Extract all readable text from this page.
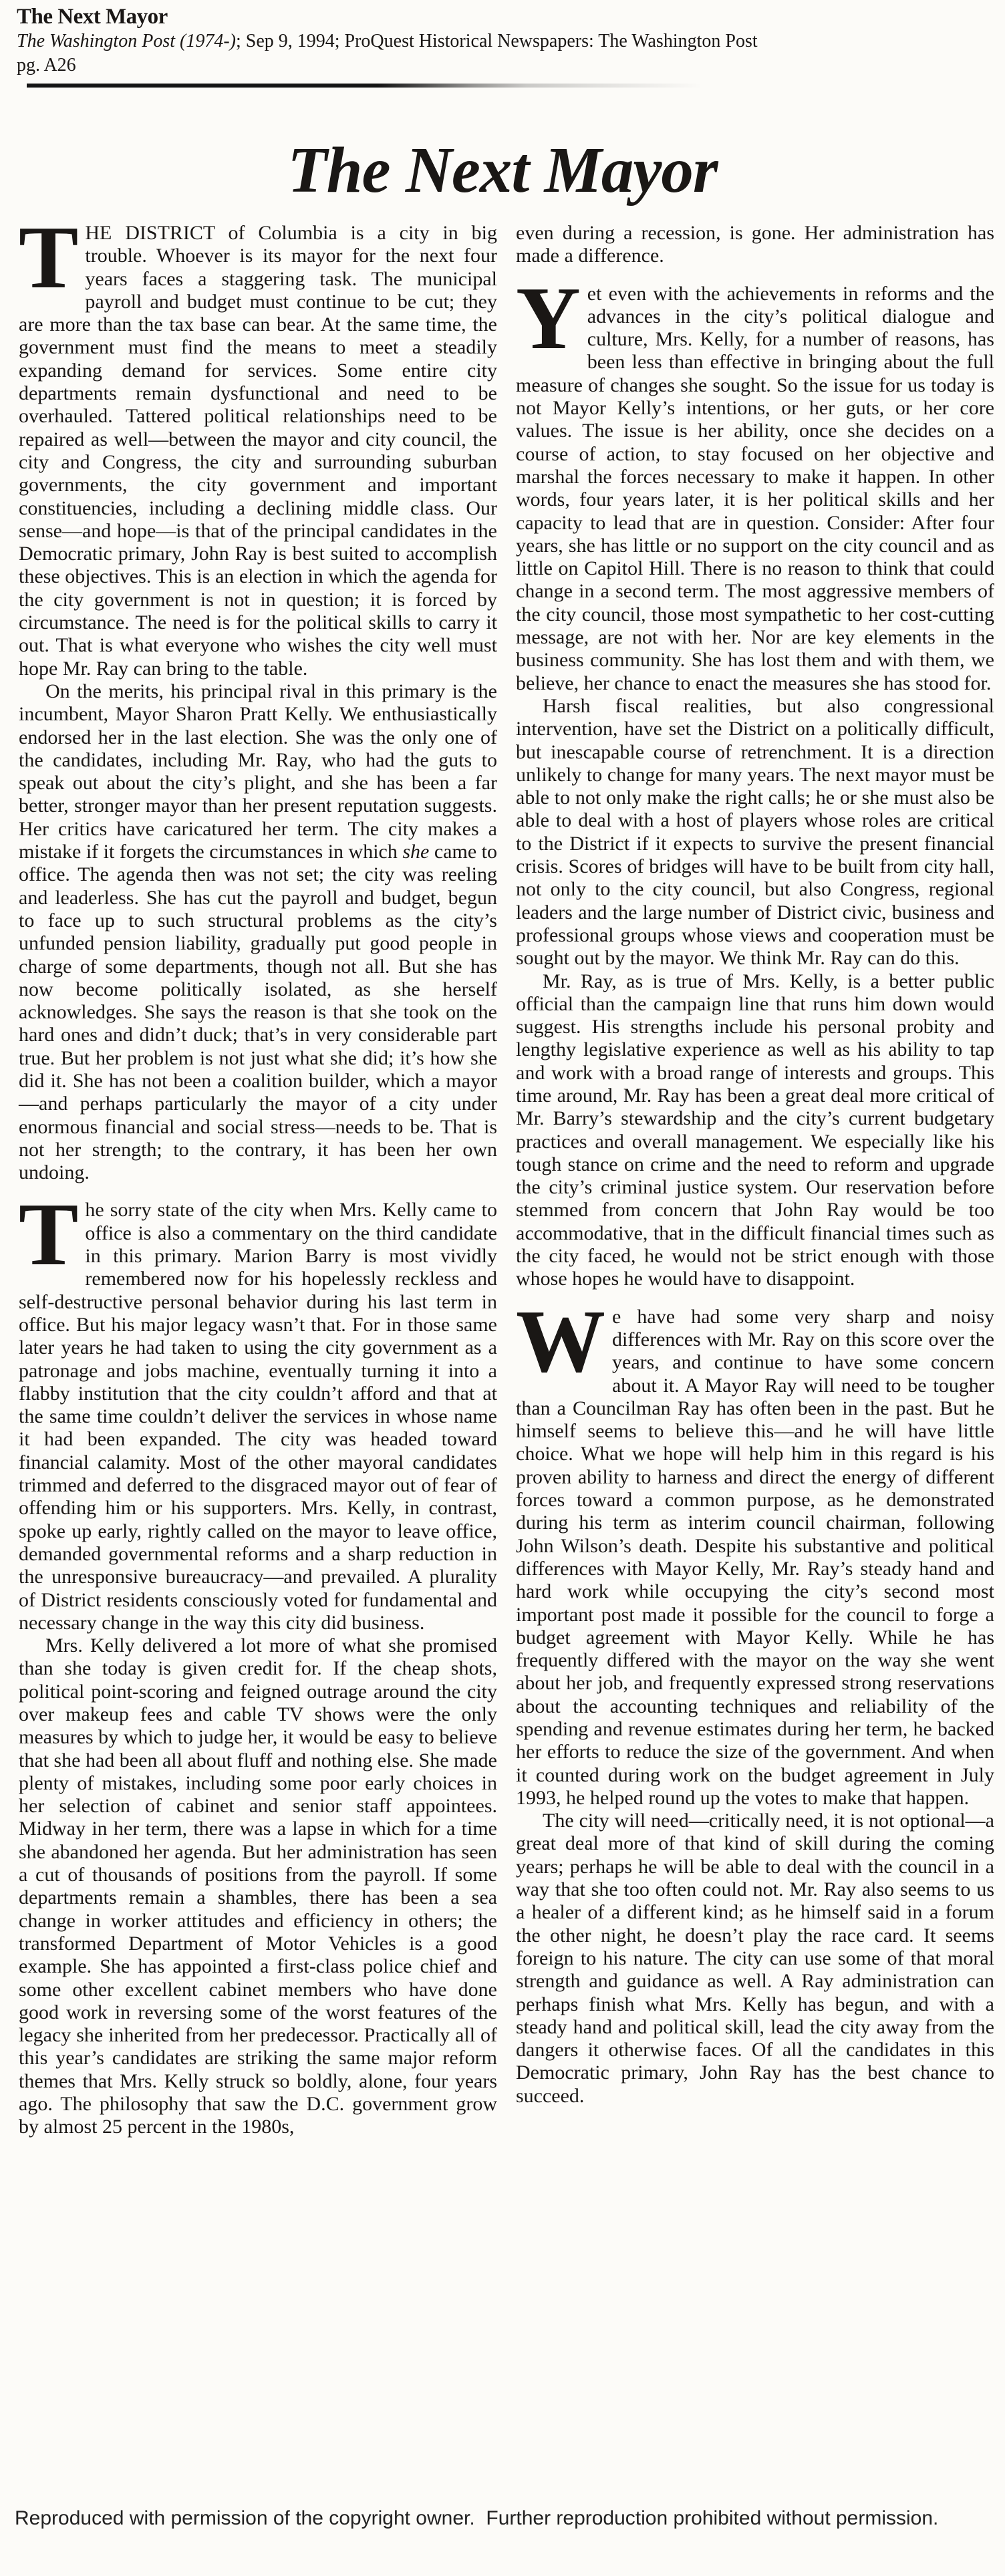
The Next Mayor
The Washington Post (1974-); Sep 9, 1994; ProQuest Historical Newspapers: The Washington Post
pg. A26
The Next Mayor

THE DISTRICT of Columbia is a city in big trouble. Whoever is its mayor for the next four years faces a staggering task. The municipal payroll and budget must continue to be cut; they are more than the tax base can bear. At the same time, the government must find the means to meet a steadily expanding demand for services. Some entire city departments remain dysfunctional and need to be overhauled. Tattered political relationships need to be repaired as well—between the mayor and city council, the city and Congress, the city and surrounding suburban governments, the city government and important constituencies, including a declining middle class. Our sense—and hope—is that of the principal candidates in the Democratic primary, John Ray is best suited to accomplish these objectives. This is an election in which the agenda for the city government is not in question; it is forced by circumstance. The need is for the political skills to carry it out. That is what everyone who wishes the city well must hope Mr. Ray can bring to the table.

On the merits, his principal rival in this primary is the incumbent, Mayor Sharon Pratt Kelly. We enthusiastically endorsed her in the last election. She was the only one of the candidates, including Mr. Ray, who had the guts to speak out about the city’s plight, and she has been a far better, stronger mayor than her present reputation suggests. Her critics have caricatured her term. The city makes a mistake if it forgets the circumstances in which she came to office. The agenda then was not set; the city was reeling and leaderless. She has cut the payroll and budget, begun to face up to such structural problems as the city’s unfunded pension liability, gradually put good people in charge of some departments, though not all. But she has now become politically isolated, as she herself acknowledges. She says the reason is that she took on the hard ones and didn’t duck; that’s in very considerable part true. But her problem is not just what she did; it’s how she did it. She has not been a coalition builder, which a mayor—and perhaps particularly the mayor of a city under enormous financial and social stress—needs to be. That is not her strength; to the contrary, it has been her own undoing.

The sorry state of the city when Mrs. Kelly came to office is also a commentary on the third candidate in this primary. Marion Barry is most vividly remembered now for his hopelessly reckless and self-destructive personal behavior during his last term in office. But his major legacy wasn’t that. For in those same later years he had taken to using the city government as a patronage and jobs machine, eventually turning it into a flabby institution that the city couldn’t afford and that at the same time couldn’t deliver the services in whose name it had been expanded. The city was headed toward financial calamity. Most of the other mayoral candidates trimmed and deferred to the disgraced mayor out of fear of offending him or his supporters. Mrs. Kelly, in contrast, spoke up early, rightly called on the mayor to leave office, demanded governmental reforms and a sharp reduction in the unresponsive bureaucracy—and prevailed. A plurality of District residents consciously voted for fundamental and necessary change in the way this city did business.

Mrs. Kelly delivered a lot more of what she promised than she today is given credit for. If the cheap shots, political point-scoring and feigned outrage around the city over makeup fees and cable TV shows were the only measures by which to judge her, it would be easy to believe that she had been all about fluff and nothing else. She made plenty of mistakes, including some poor early choices in her selection of cabinet and senior staff appointees. Midway in her term, there was a lapse in which for a time she abandoned her agenda. But her administration has seen a cut of thousands of positions from the payroll. If some departments remain a shambles, there has been a sea change in worker attitudes and efficiency in others; the transformed Department of Motor Vehicles is a good example. She has appointed a first-class police chief and some other excellent cabinet members who have done good work in reversing some of the worst features of the legacy she inherited from her predecessor. Practically all of this year’s candidates are striking the same major reform themes that Mrs. Kelly struck so boldly, alone, four years ago. The philosophy that saw the D.C. government grow by almost 25 percent in the 1980s,

even during a recession, is gone. Her administration has made a difference.

Yet even with the achievements in reforms and the advances in the city’s political dialogue and culture, Mrs. Kelly, for a number of reasons, has been less than effective in bringing about the full measure of changes she sought. So the issue for us today is not Mayor Kelly’s intentions, or her guts, or her core values. The issue is her ability, once she decides on a course of action, to stay focused on her objective and marshal the forces necessary to make it happen. In other words, four years later, it is her political skills and her capacity to lead that are in question. Consider: After four years, she has little or no support on the city council and as little on Capitol Hill. There is no reason to think that could change in a second term. The most aggressive members of the city council, those most sympathetic to her cost-cutting message, are not with her. Nor are key elements in the business community. She has lost them and with them, we believe, her chance to enact the measures she has stood for.

Harsh fiscal realities, but also congressional intervention, have set the District on a politically difficult, but inescapable course of retrenchment. It is a direction unlikely to change for many years. The next mayor must be able to not only make the right calls; he or she must also be able to deal with a host of players whose roles are critical to the District if it expects to survive the present financial crisis. Scores of bridges will have to be built from city hall, not only to the city council, but also Congress, regional leaders and the large number of District civic, business and professional groups whose views and cooperation must be sought out by the mayor. We think Mr. Ray can do this.

Mr. Ray, as is true of Mrs. Kelly, is a better public official than the campaign line that runs him down would suggest. His strengths include his personal probity and lengthy legislative experience as well as his ability to tap and work with a broad range of interests and groups. This time around, Mr. Ray has been a great deal more critical of Mr. Barry’s stewardship and the city’s current budgetary practices and overall management. We especially like his tough stance on crime and the need to reform and upgrade the city’s criminal justice system. Our reservation before stemmed from concern that John Ray would be too accommodative, that in the difficult financial times such as the city faced, he would not be strict enough with those whose hopes he would have to disappoint.

We have had some very sharp and noisy differences with Mr. Ray on this score over the years, and continue to have some concern about it. A Mayor Ray will need to be tougher than a Councilman Ray has often been in the past. But he himself seems to believe this—and he will have little choice. What we hope will help him in this regard is his proven ability to harness and direct the energy of different forces toward a common purpose, as he demonstrated during his term as interim council chairman, following John Wilson’s death. Despite his substantive and political differences with Mayor Kelly, Mr. Ray’s steady hand and hard work while occupying the city’s second most important post made it possible for the council to forge a budget agreement with Mayor Kelly. While he has frequently differed with the mayor on the way she went about her job, and frequently expressed strong reservations about the accounting techniques and reliability of the spending and revenue estimates during her term, he backed her efforts to reduce the size of the government. And when it counted during work on the budget agreement in July 1993, he helped round up the votes to make that happen.

The city will need—critically need, it is not optional—a great deal more of that kind of skill during the coming years; perhaps he will be able to deal with the council in a way that she too often could not. Mr. Ray also seems to us a healer of a different kind; as he himself said in a forum the other night, he doesn’t play the race card. It seems foreign to his nature. The city can use some of that moral strength and guidance as well. A Ray administration can perhaps finish what Mrs. Kelly has begun, and with a steady hand and political skill, lead the city away from the dangers it otherwise faces. Of all the candidates in this Democratic primary, John Ray has the best chance to succeed.

Reproduced with permission of the copyright owner.  Further reproduction prohibited without permission.
